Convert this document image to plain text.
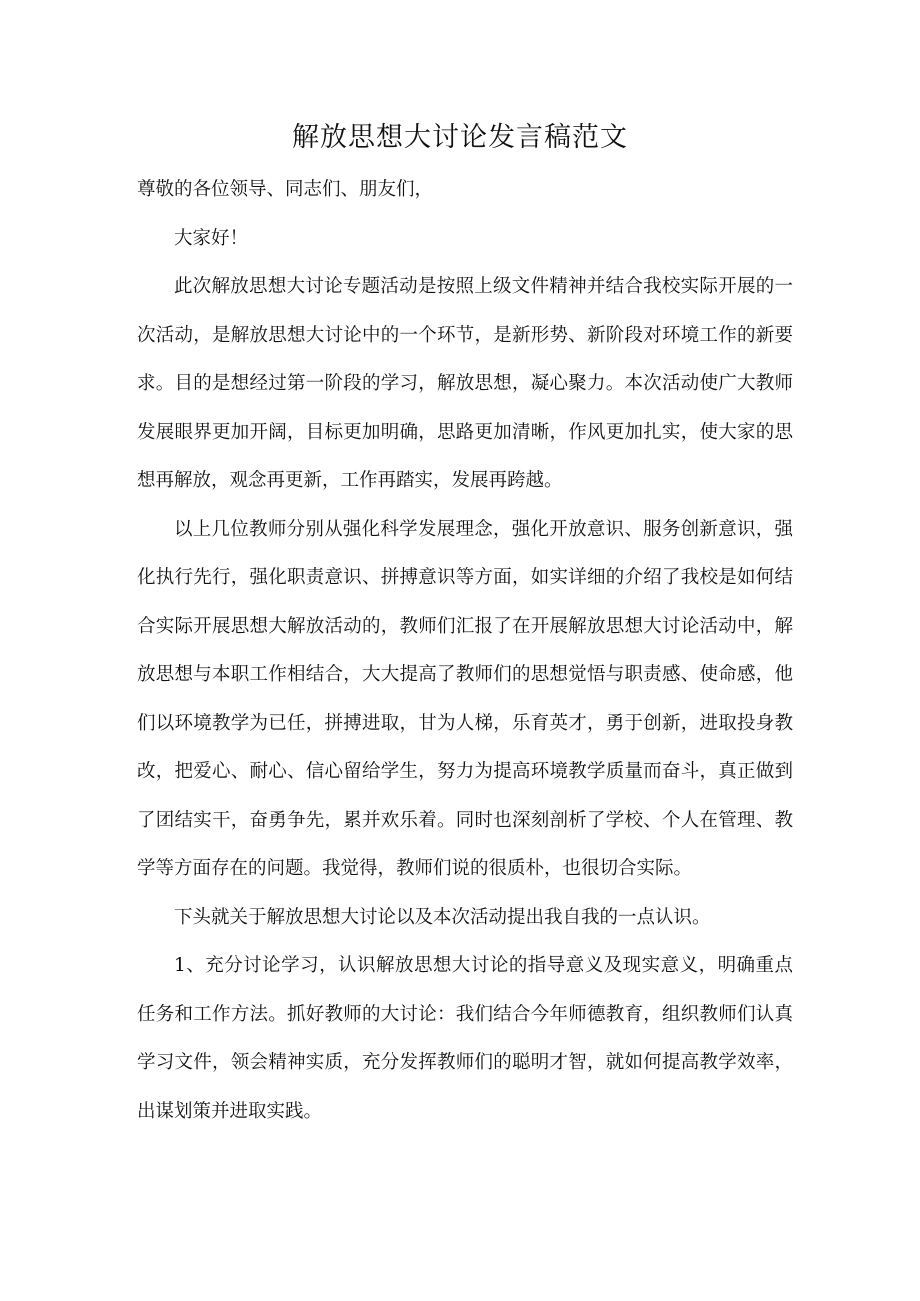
解放思想大讨论发言稿范文

尊敬的各位领导、同志们、朋友们，

大家好！

此次解放思想大讨论专题活动是按照上级文件精神并结合我校实际开展的一次活动，是解放思想大讨论中的一个环节，是新形势、新阶段对环境工作的新要求。目的是想经过第一阶段的学习，解放思想，凝心聚力。本次活动使广大教师发展眼界更加开阔，目标更加明确，思路更加清晰，作风更加扎实，使大家的思想再解放，观念再更新，工作再踏实，发展再跨越。

以上几位教师分别从强化科学发展理念，强化开放意识、服务创新意识，强化执行先行，强化职责意识、拼搏意识等方面，如实详细的介绍了我校是如何结合实际开展思想大解放活动的，教师们汇报了在开展解放思想大讨论活动中，解放思想与本职工作相结合，大大提高了教师们的思想觉悟与职责感、使命感，他们以环境教学为已任，拼搏进取，甘为人梯，乐育英才，勇于创新，进取投身教改，把爱心、耐心、信心留给学生，努力为提高环境教学质量而奋斗，真正做到了团结实干，奋勇争先，累并欢乐着。同时也深刻剖析了学校、个人在管理、教学等方面存在的问题。我觉得，教师们说的很质朴，也很切合实际。

下头就关于解放思想大讨论以及本次活动提出我自我的一点认识。

1、充分讨论学习，认识解放思想大讨论的指导意义及现实意义，明确重点任务和工作方法。抓好教师的大讨论：我们结合今年师德教育，组织教师们认真学习文件，领会精神实质，充分发挥教师们的聪明才智，就如何提高教学效率，出谋划策并进取实践。
